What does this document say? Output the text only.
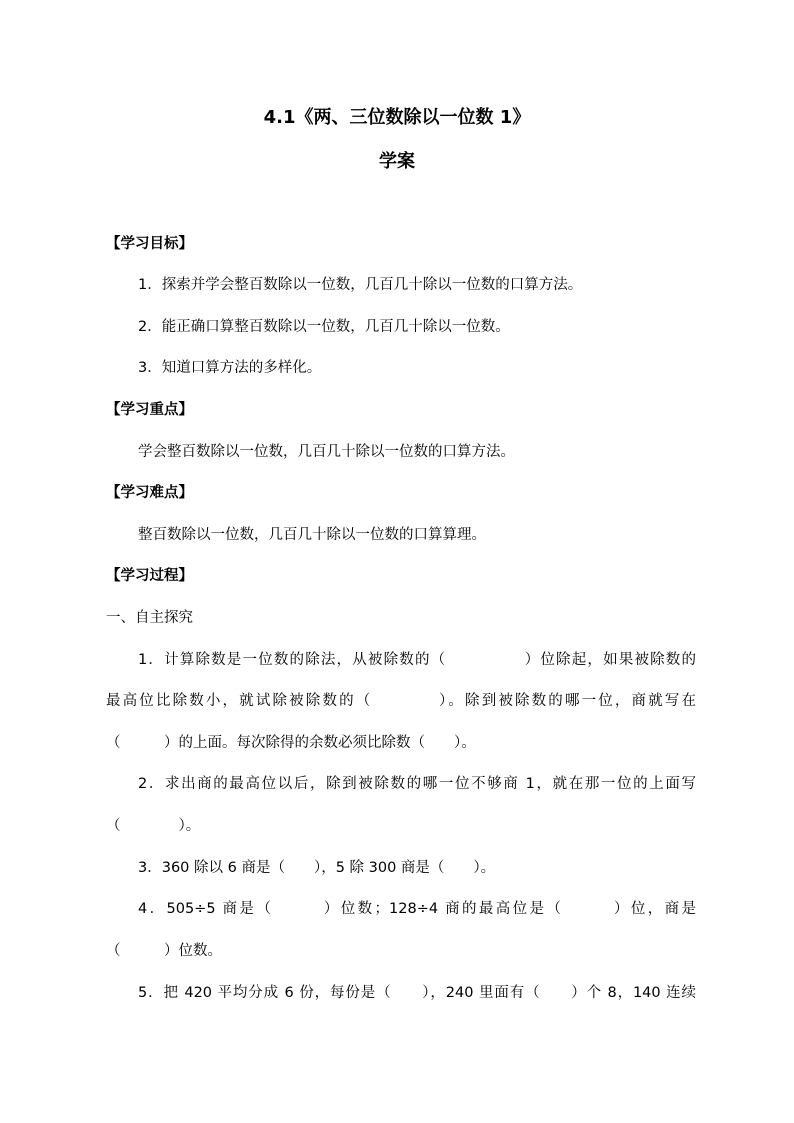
4.1《两、三位数除以一位数 1》
学案
【学习目标】
1．探索并学会整百数除以一位数，几百几十除以一位数的口算方法。
2．能正确口算整百数除以一位数，几百几十除以一位数。
3．知道口算方法的多样化。
【学习重点】
学会整百数除以一位数，几百几十除以一位数的口算方法。
【学习难点】
整百数除以一位数，几百几十除以一位数的口算算理。
【学习过程】
一、自主探究
1．计算除数是一位数的除法，从被除数的（　　　　　）位除起，如果被除数的
最高位比除数小，就试除被除数的（　　　　）。除到被除数的哪一位，商就写在
（　　　）的上面。每次除得的余数必须比除数（　　）。
2．求出商的最高位以后，除到被除数的哪一位不够商 1，就在那一位的上面写
（　　　　）。
3．360 除以 6 商是（　　），5 除 300 商是（　　）。
4．505÷5 商是（　　　）位数；128÷4 商的最高位是（　　　）位，商是
（　　　）位数。
5．把 420 平均分成 6 份，每份是（　　），240 里面有（　　）个 8，140 连续
